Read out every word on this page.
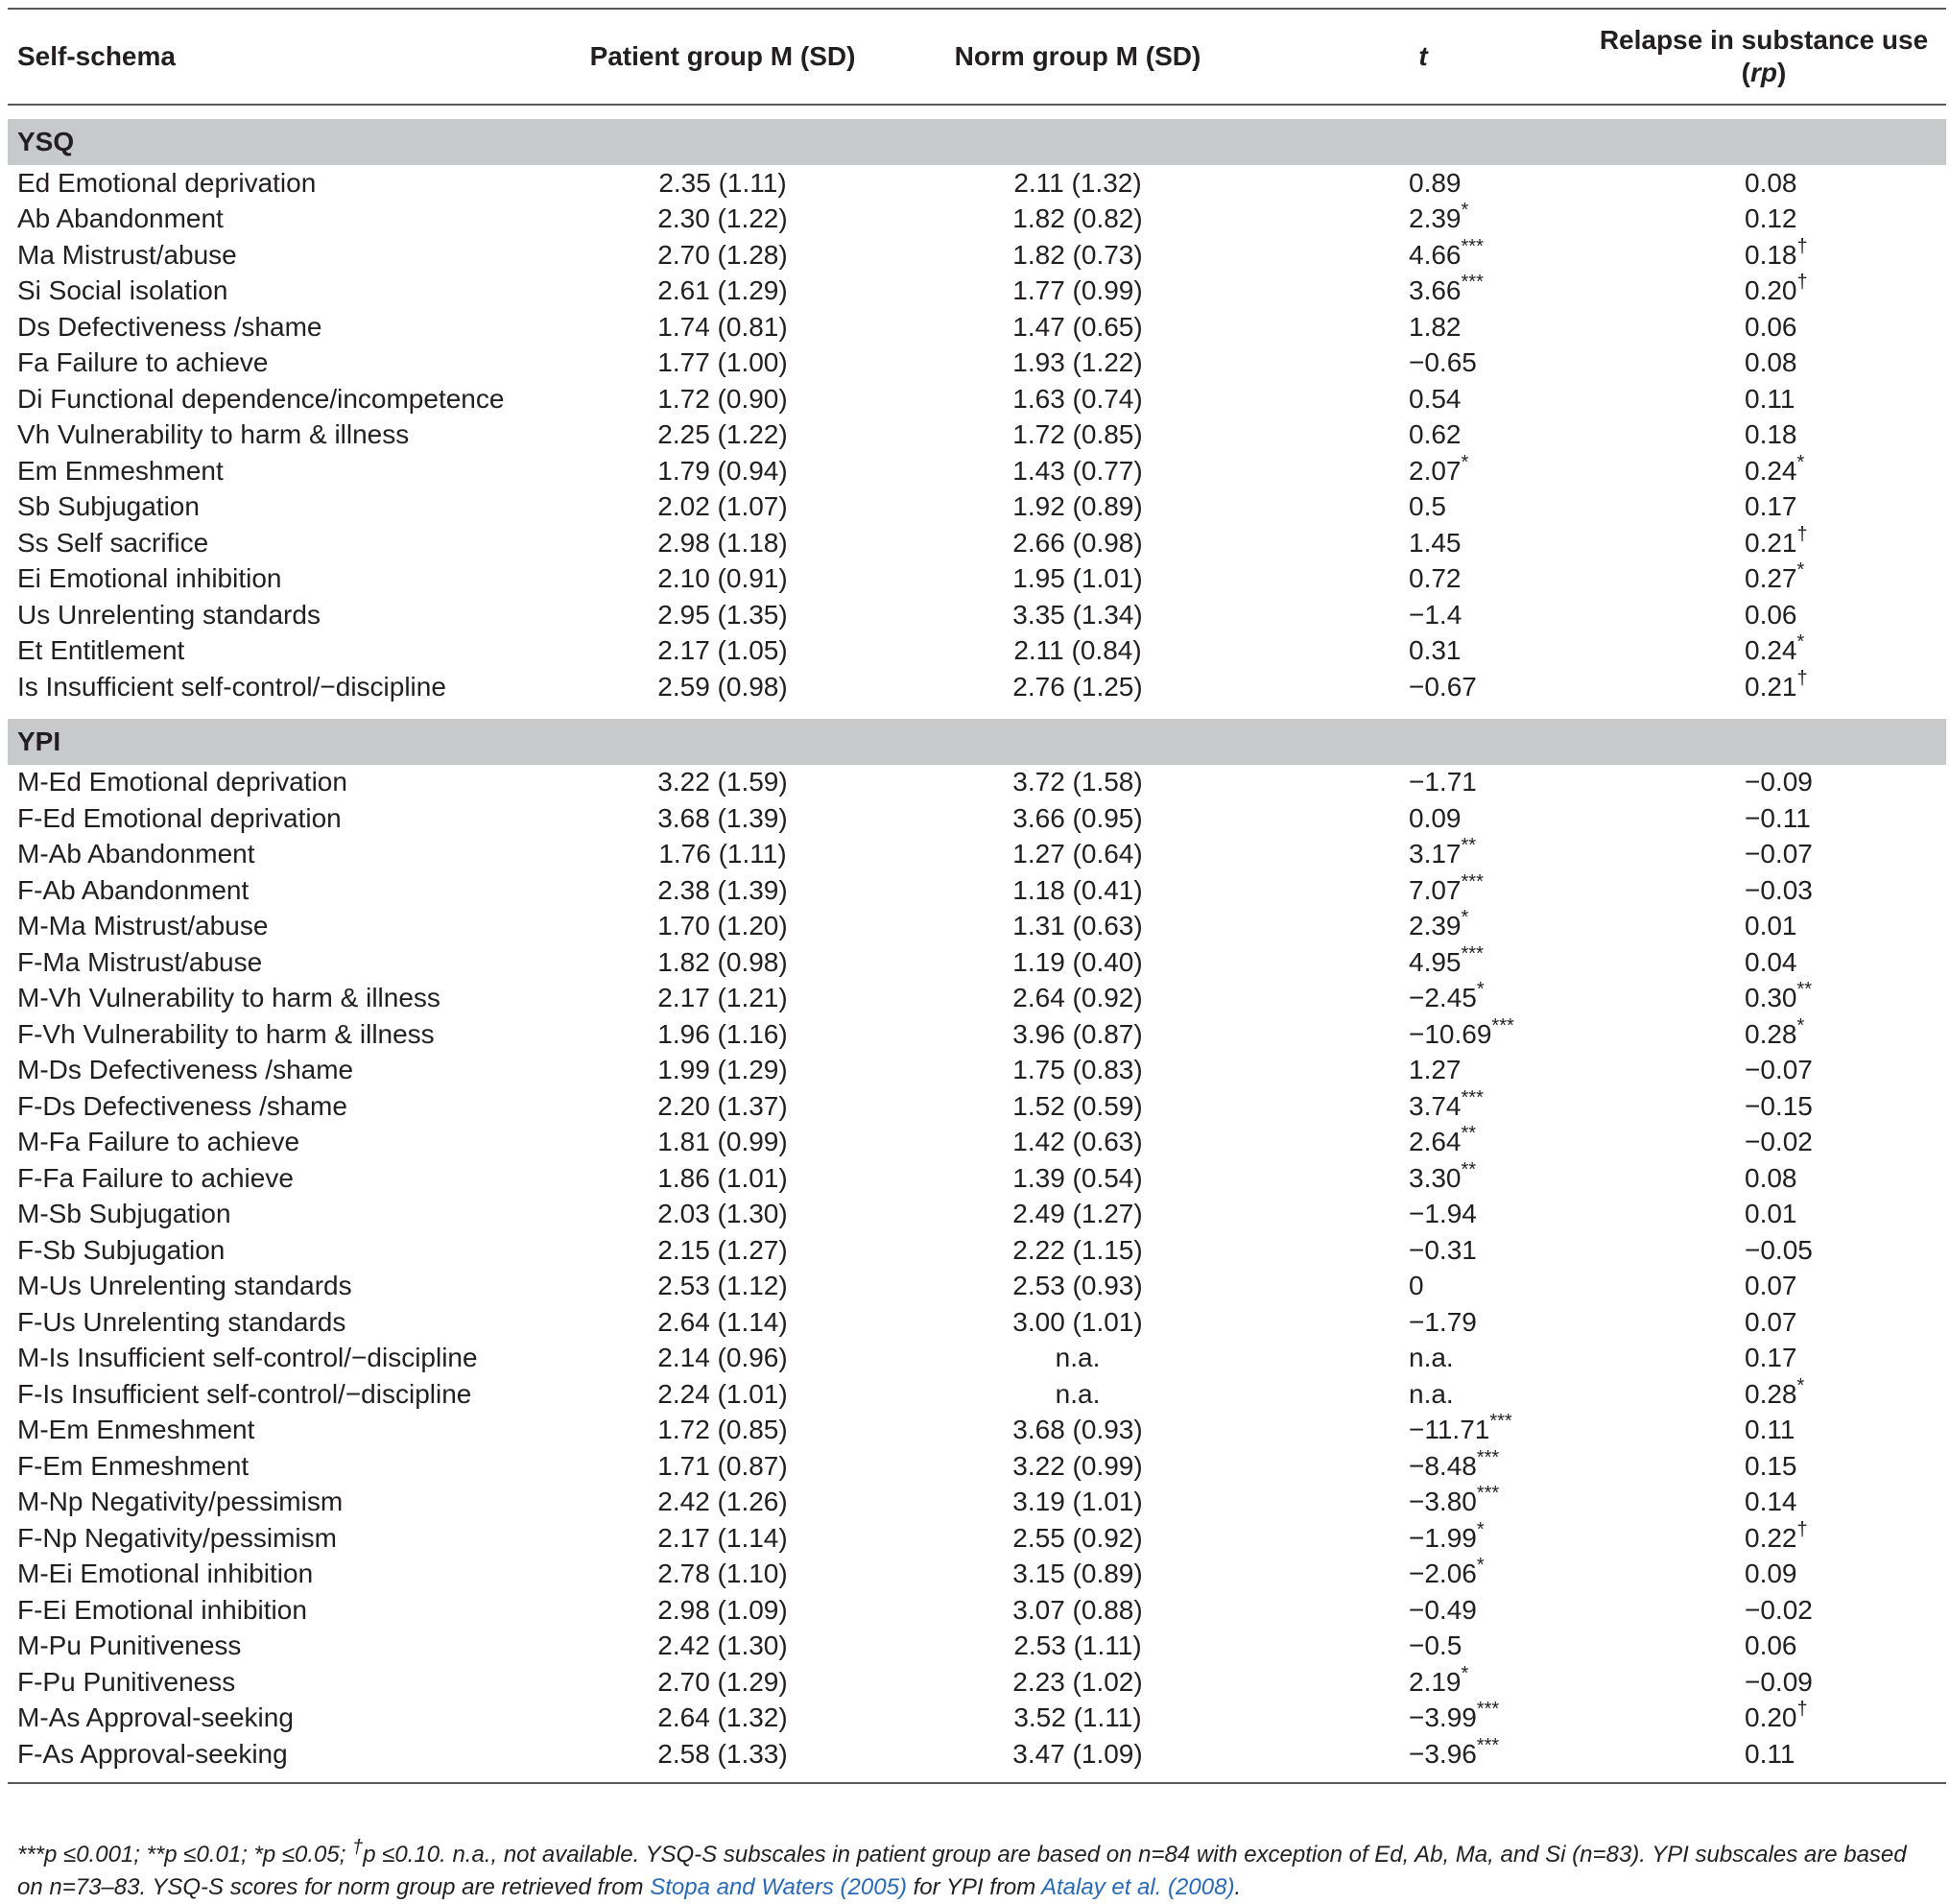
Self-schema	Patient group M (SD)	Norm group M (SD)	t	Relapse in substance use
(rp)

YSQ				
Ed Emotional deprivation	2.35 (1.11)	2.11 (1.32)	0.89	0.08
Ab Abandonment	2.30 (1.22)	1.82 (0.82)	2.39*	0.12
Ma Mistrust/abuse	2.70 (1.28)	1.82 (0.73)	4.66***	0.18†
Si Social isolation	2.61 (1.29)	1.77 (0.99)	3.66***	0.20†
Ds Defectiveness /shame	1.74 (0.81)	1.47 (0.65)	1.82	0.06
Fa Failure to achieve	1.77 (1.00)	1.93 (1.22)	−0.65	0.08
Di Functional dependence/incompetence	1.72 (0.90)	1.63 (0.74)	0.54	0.11
Vh Vulnerability to harm & illness	2.25 (1.22)	1.72 (0.85)	0.62	0.18
Em Enmeshment	1.79 (0.94)	1.43 (0.77)	2.07*	0.24*
Sb Subjugation	2.02 (1.07)	1.92 (0.89)	0.5	0.17
Ss Self sacrifice	2.98 (1.18)	2.66 (0.98)	1.45	0.21†
Ei Emotional inhibition	2.10 (0.91)	1.95 (1.01)	0.72	0.27*
Us Unrelenting standards	2.95 (1.35)	3.35 (1.34)	−1.4	0.06
Et Entitlement	2.17 (1.05)	2.11 (0.84)	0.31	0.24*
Is Insufficient self-control/−discipline	2.59 (0.98)	2.76 (1.25)	−0.67	0.21†

YPI				
M-Ed Emotional deprivation	3.22 (1.59)	3.72 (1.58)	−1.71	−0.09
F-Ed Emotional deprivation	3.68 (1.39)	3.66 (0.95)	0.09	−0.11
M-Ab Abandonment	1.76 (1.11)	1.27 (0.64)	3.17**	−0.07
F-Ab Abandonment	2.38 (1.39)	1.18 (0.41)	7.07***	−0.03
M-Ma Mistrust/abuse	1.70 (1.20)	1.31 (0.63)	2.39*	0.01
F-Ma Mistrust/abuse	1.82 (0.98)	1.19 (0.40)	4.95***	0.04
M-Vh Vulnerability to harm & illness	2.17 (1.21)	2.64 (0.92)	−2.45*	0.30**
F-Vh Vulnerability to harm & illness	1.96 (1.16)	3.96 (0.87)	−10.69***	0.28*
M-Ds Defectiveness /shame	1.99 (1.29)	1.75 (0.83)	1.27	−0.07
F-Ds Defectiveness /shame	2.20 (1.37)	1.52 (0.59)	3.74***	−0.15
M-Fa Failure to achieve	1.81 (0.99)	1.42 (0.63)	2.64**	−0.02
F-Fa Failure to achieve	1.86 (1.01)	1.39 (0.54)	3.30**	0.08
M-Sb Subjugation	2.03 (1.30)	2.49 (1.27)	−1.94	0.01
F-Sb Subjugation	2.15 (1.27)	2.22 (1.15)	−0.31	−0.05
M-Us Unrelenting standards	2.53 (1.12)	2.53 (0.93)	0	0.07
F-Us Unrelenting standards	2.64 (1.14)	3.00 (1.01)	−1.79	0.07
M-Is Insufficient self-control/−discipline	2.14 (0.96)	n.a.	n.a.	0.17
F-Is Insufficient self-control/−discipline	2.24 (1.01)	n.a.	n.a.	0.28*
M-Em Enmeshment	1.72 (0.85)	3.68 (0.93)	−11.71***	0.11
F-Em Enmeshment	1.71 (0.87)	3.22 (0.99)	−8.48***	0.15
M-Np Negativity/pessimism	2.42 (1.26)	3.19 (1.01)	−3.80***	0.14
F-Np Negativity/pessimism	2.17 (1.14)	2.55 (0.92)	−1.99*	0.22†
M-Ei Emotional inhibition	2.78 (1.10)	3.15 (0.89)	−2.06*	0.09
F-Ei Emotional inhibition	2.98 (1.09)	3.07 (0.88)	−0.49	−0.02
M-Pu Punitiveness	2.42 (1.30)	2.53 (1.11)	−0.5	0.06
F-Pu Punitiveness	2.70 (1.29)	2.23 (1.02)	2.19*	−0.09
M-As Approval-seeking	2.64 (1.32)	3.52 (1.11)	−3.99***	0.20†
F-As Approval-seeking	2.58 (1.33)	3.47 (1.09)	−3.96***	0.11
***p ≤0.001; **p ≤0.01; *p ≤0.05; †p ≤0.10. n.a., not available. YSQ-S subscales in patient group are based on n=84 with exception of Ed, Ab, Ma, and Si (n=83). YPI subscales are based on n=73–83. YSQ-S scores for norm group are retrieved from Stopa and Waters (2005) for YPI from Atalay et al. (2008).
